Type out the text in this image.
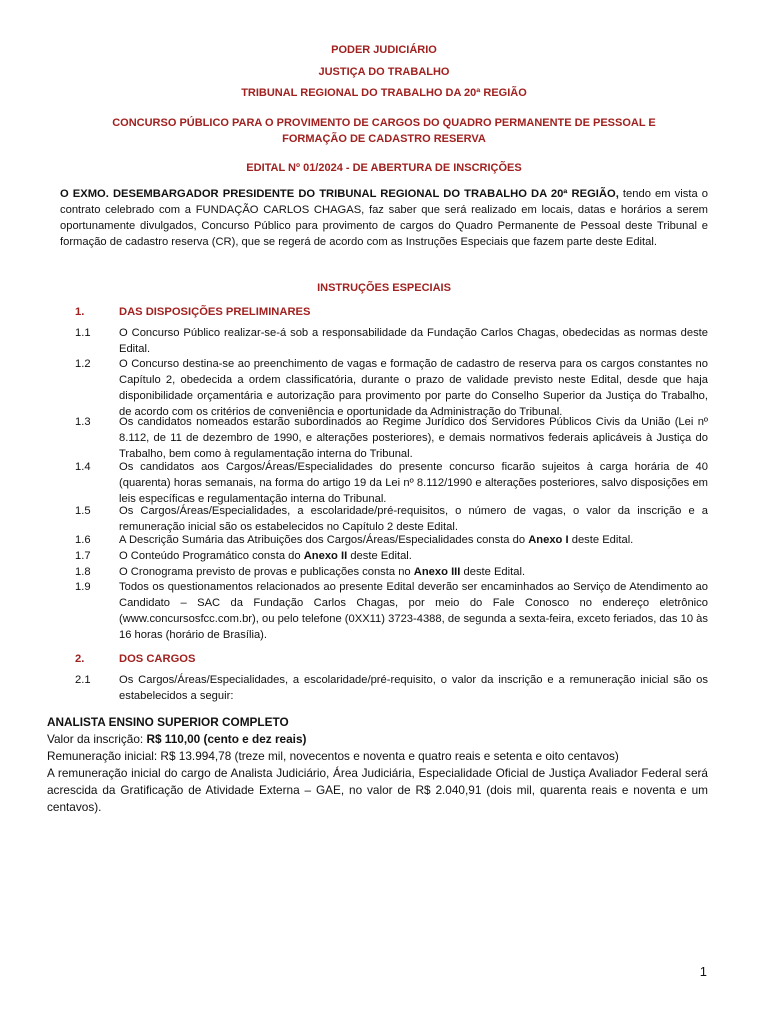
PODER JUDICIÁRIO
JUSTIÇA DO TRABALHO
TRIBUNAL REGIONAL DO TRABALHO DA 20ª REGIÃO
CONCURSO PÚBLICO PARA O PROVIMENTO DE CARGOS DO QUADRO PERMANENTE DE PESSOAL E FORMAÇÃO DE CADASTRO RESERVA
EDITAL Nº 01/2024 - DE ABERTURA DE INSCRIÇÕES
O EXMO. DESEMBARGADOR PRESIDENTE DO TRIBUNAL REGIONAL DO TRABALHO DA 20ª REGIÃO, tendo em vista o contrato celebrado com a FUNDAÇÃO CARLOS CHAGAS, faz saber que será realizado em locais, datas e horários a serem oportunamente divulgados, Concurso Público para provimento de cargos do Quadro Permanente de Pessoal deste Tribunal e formação de cadastro reserva (CR), que se regerá de acordo com as Instruções Especiais que fazem parte deste Edital.
INSTRUÇÕES ESPECIAIS
1.	DAS DISPOSIÇÕES PRELIMINARES
1.1	O Concurso Público realizar-se-á sob a responsabilidade da Fundação Carlos Chagas, obedecidas as normas deste Edital.
1.2	O Concurso destina-se ao preenchimento de vagas e formação de cadastro de reserva para os cargos constantes no Capítulo 2, obedecida a ordem classificatória, durante o prazo de validade previsto neste Edital, desde que haja disponibilidade orçamentária e autorização para provimento por parte do Conselho Superior da Justiça do Trabalho, de acordo com os critérios de conveniência e oportunidade da Administração do Tribunal.
1.3	Os candidatos nomeados estarão subordinados ao Regime Jurídico dos Servidores Públicos Civis da União (Lei nº 8.112, de 11 de dezembro de 1990, e alterações posteriores), e demais normativos federais aplicáveis à Justiça do Trabalho, bem como à regulamentação interna do Tribunal.
1.4	Os candidatos aos Cargos/Áreas/Especialidades do presente concurso ficarão sujeitos à carga horária de 40 (quarenta) horas semanais, na forma do artigo 19 da Lei nº 8.112/1990 e alterações posteriores, salvo disposições em leis específicas e regulamentação interna do Tribunal.
1.5	Os Cargos/Áreas/Especialidades, a escolaridade/pré-requisitos, o número de vagas, o valor da inscrição e a remuneração inicial são os estabelecidos no Capítulo 2 deste Edital.
1.6	A Descrição Sumária das Atribuições dos Cargos/Áreas/Especialidades consta do Anexo I deste Edital.
1.7	O Conteúdo Programático consta do Anexo II deste Edital.
1.8	O Cronograma previsto de provas e publicações consta no Anexo III deste Edital.
1.9	Todos os questionamentos relacionados ao presente Edital deverão ser encaminhados ao Serviço de Atendimento ao Candidato – SAC da Fundação Carlos Chagas, por meio do Fale Conosco no endereço eletrônico (www.concursosfcc.com.br), ou pelo telefone (0XX11) 3723-4388, de segunda a sexta-feira, exceto feriados, das 10 às 16 horas (horário de Brasília).
2.	DOS CARGOS
2.1	Os Cargos/Áreas/Especialidades, a escolaridade/pré-requisito, o valor da inscrição e a remuneração inicial são os estabelecidos a seguir:
ANALISTA ENSINO SUPERIOR COMPLETO
Valor da inscrição: R$ 110,00 (cento e dez reais)
Remuneração inicial: R$ 13.994,78 (treze mil, novecentos e noventa e quatro reais e setenta e oito centavos)
A remuneração inicial do cargo de Analista Judiciário, Área Judiciária, Especialidade Oficial de Justiça Avaliador Federal será acrescida da Gratificação de Atividade Externa – GAE, no valor de R$ 2.040,91 (dois mil, quarenta reais e noventa e um centavos).
1
